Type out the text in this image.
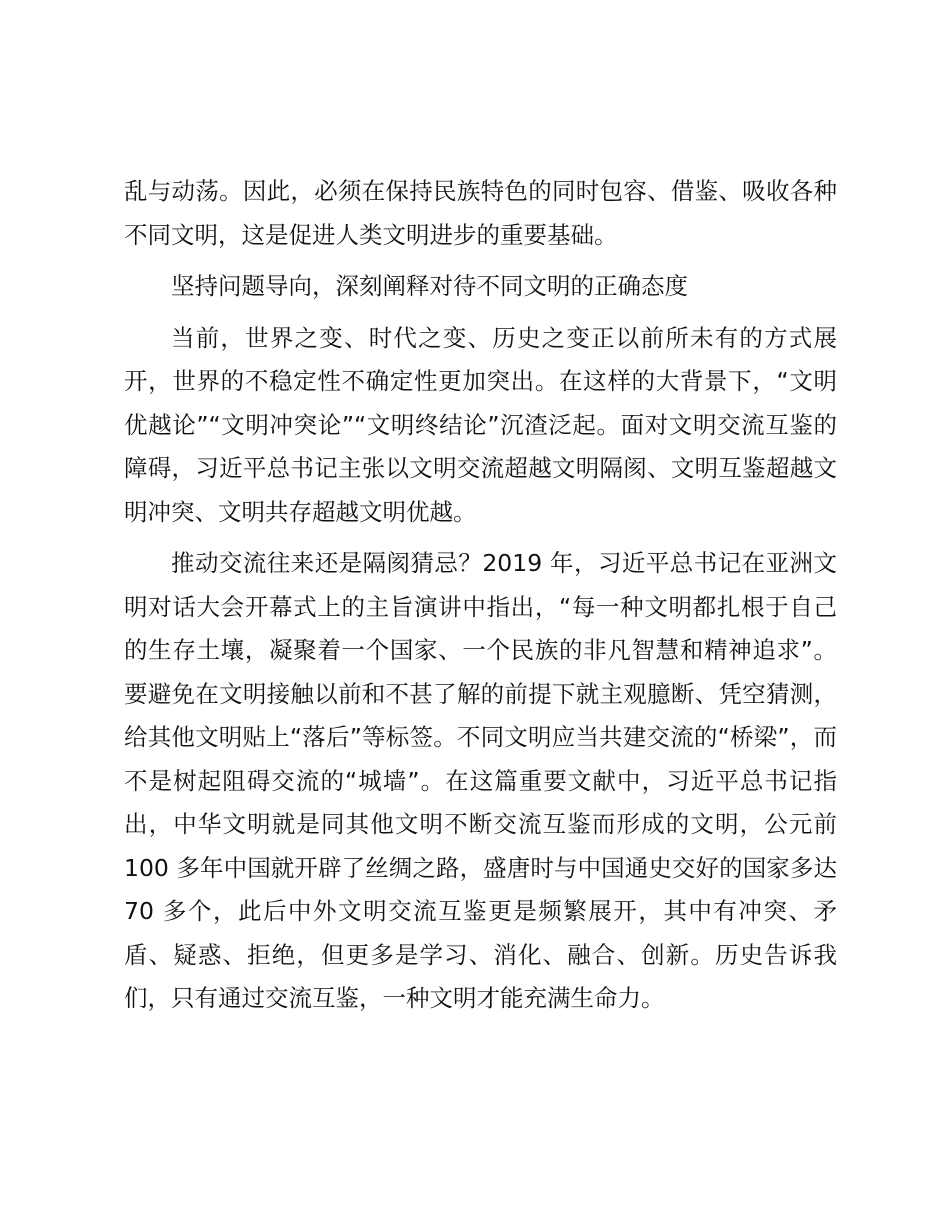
乱与动荡。因此，必须在保持民族特色的同时包容、借鉴、吸收各种不同文明，这是促进人类文明进步的重要基础。

坚持问题导向，深刻阐释对待不同文明的正确态度

当前，世界之变、时代之变、历史之变正以前所未有的方式展开，世界的不稳定性不确定性更加突出。在这样的大背景下，“文明优越论”“文明冲突论”“文明终结论”沉渣泛起。面对文明交流互鉴的障碍，习近平总书记主张以文明交流超越文明隔阂、文明互鉴超越文明冲突、文明共存超越文明优越。

推动交流往来还是隔阂猜忌？2019 年，习近平总书记在亚洲文明对话大会开幕式上的主旨演讲中指出，“每一种文明都扎根于自己的生存土壤，凝聚着一个国家、一个民族的非凡智慧和精神追求”。要避免在文明接触以前和不甚了解的前提下就主观臆断、凭空猜测，给其他文明贴上“落后”等标签。不同文明应当共建交流的“桥梁”，而不是树起阻碍交流的“城墙”。在这篇重要文献中，习近平总书记指出，中华文明就是同其他文明不断交流互鉴而形成的文明，公元前 100 多年中国就开辟了丝绸之路，盛唐时与中国通史交好的国家多达 70 多个，此后中外文明交流互鉴更是频繁展开，其中有冲突、矛盾、疑惑、拒绝，但更多是学习、消化、融合、创新。历史告诉我们，只有通过交流互鉴，一种文明才能充满生命力。
